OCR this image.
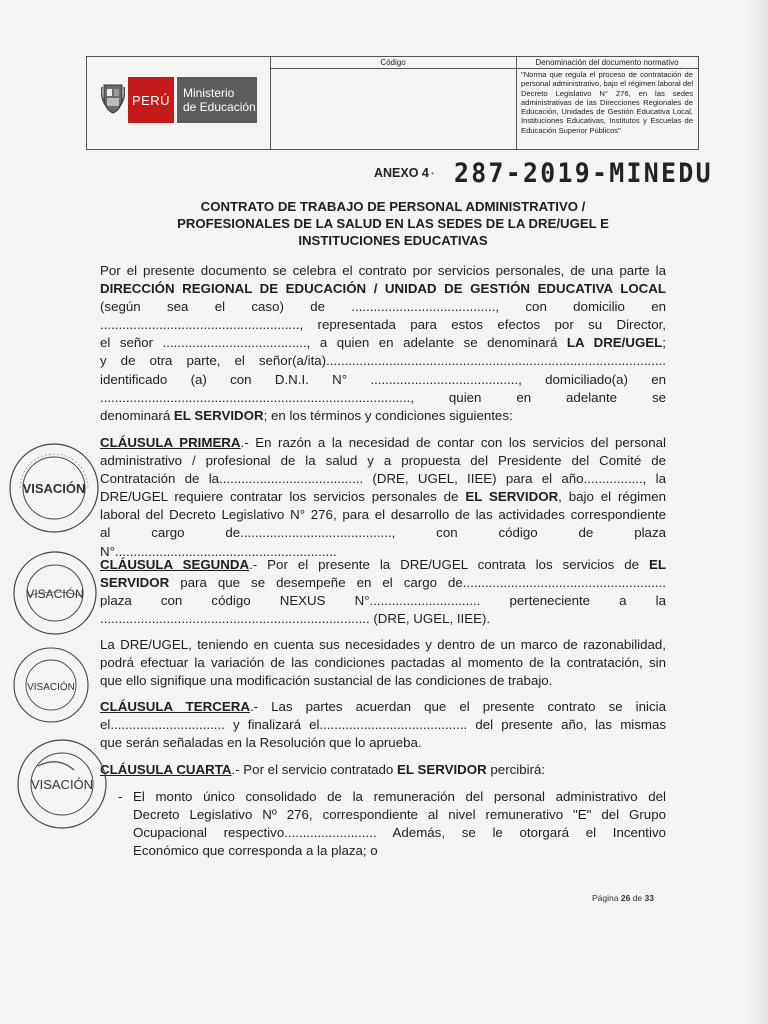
PERÚ	Ministerio
de Educación
Código	Denominación del documento normativo
"Norma que regula el proceso de contratación de personal administrativo, bajo el régimen laboral del Decreto Legislativo N° 276, en las sedes administrativas de las Direcciones Regionales de Educación, Unidades de Gestión Educativa Local, Instituciones Educativas, Institutos y Escuelas de Educación Superior Públicos"
⁺
ANEXO 4 287-2019-MINEDU
CONTRATO DE TRABAJO DE PERSONAL ADMINISTRATIVO /
PROFESIONALES DE LA SALUD EN LAS SEDES DE LA DRE/UGEL E
INSTITUCIONES EDUCATIVAS
Por el presente documento se celebra el contrato por servicios personales, de una parte la
DIRECCIÓN REGIONAL DE EDUCACIÓN / UNIDAD DE GESTIÓN EDUCATIVA LOCAL
(según sea el caso) de ......................................., con domicilio en
......................................................, representada para estos efectos por su Director,
el señor ......................................., a quien en adelante se denominará LA DRE/UGEL;
y de otra parte, el señor(a/ita)............................................................................................
identificado (a) con D.N.I. N° ........................................, domiciliado(a) en
...................................................................................., quien en adelante se
denominará EL SERVIDOR; en los términos y condiciones siguientes:
CLÁUSULA PRIMERA.- En razón a la necesidad de contar con los servicios del personal
administrativo / profesional de la salud y a propuesta del Presidente del Comité de
Contratación de la....................................... (DRE, UGEL, IIEE) para el año................, la
DRE/UGEL requiere contratar los servicios personales de EL SERVIDOR, bajo el régimen
laboral del Decreto Legislativo N° 276, para el desarrollo de las actividades correspondiente
al cargo de........................................., con código de plaza
N°............................................................
CLÁUSULA SEGUNDA.- Por el presente la DRE/UGEL contrata los servicios de EL
SERVIDOR para que se desempeñe en el cargo de.......................................................
plaza con código NEXUS N°.............................. perteneciente a la
......................................................................... (DRE, UGEL, IIEE).
La DRE/UGEL, teniendo en cuenta sus necesidades y dentro de un marco de razonabilidad,
podrá efectuar la variación de las condiciones pactadas al momento de la contratación, sin
que ello signifique una modificación sustancial de las condiciones de trabajo.
CLÁUSULA TERCERA.- Las partes acuerdan que el presente contrato se inicia
el............................... y finalizará el........................................ del presente año, las mismas
que serán señaladas en la Resolución que lo aprueba.
CLÁUSULA CUARTA.- Por el servicio contratado EL SERVIDOR percibirá:
- El monto único consolidado de la remuneración del personal administrativo del
Decreto Legislativo Nº 276, correspondiente al nivel remunerativo "E" del Grupo
Ocupacional respectivo......................... Además, se le otorgará el Incentivo
Económico que corresponda a la plaza; o
VISACIÓN
VISACIÓN
VISACIÓN
VISACIÓN
Página 26 de 33
